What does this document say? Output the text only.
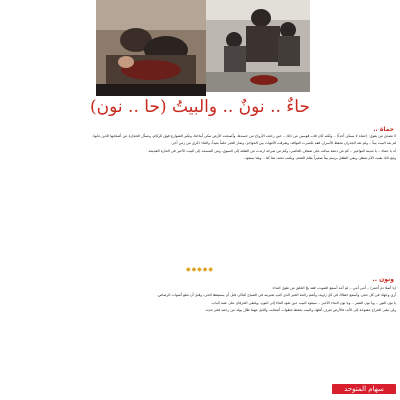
حاءٌ .. نونٌ .. والبيتُ (حا .. نون)
حماة ..

لا تصدق من يقول: (حماه لا يسكن أحداً) .. ولكنه كان قاب قوسين من ذلك .. حين رحلت الأرواح من جسدها، وأصبحت الأرض تبكي أبناءها، وتكبر الشوارع فوق الركام، وتسأل الحجارة عن أصحابها الذين غابوا.

لم يعد البيت بيتاً .. ولم تعد الجدران تحفظ الأسرار، فقد تكسرت النوافذ، وتفرقت الأمهات بين الحواجز، وصار الخبز حلماً بعيداً، والماء ذكرى من زمن آخر.

آه يا حماة .. يا مدينة النواعير .. كم من دمعة سالت على ضفاف العاصي، وكم من صرخة ارتدت من القلعة إلى السوق، ومن المسجد إلى البيت الأخير في الحارة القديمة.

ومع ذلك بقيت الأم تنتظر، وبقي الطفل يرسم بيتاً صغيراً بقلم الفحم، ويكتب تحته: هنا كنا .. وهنا سنعود.

◆◆◆◆◆
ونون ..

(يا أصلا دم أحمر) .. أمي أمي .. لم أعد أسمع الصوت، فقد بحّ الحلق من طول النداء.

أرى وجهك في كل حجر، وأسمع خطاك في كل زاوية، وأشم رائحة الخبز الذي كنتِ تخبزينه في الصباح الباكر، قبل أن يستيقظ الحي، وقبل أن تعلو أصوات الرصاص.

يا نون النور .. ويا نون النصر .. ويا نون النداء الأخير .. سيعود البيت حين تعود الحاء إلى النون، ويلتقي الحرفان على عتبة الباب.

ولن تبقى الجراح مفتوحة إلى الأبد، فالأرض تعرف أهلها، والبيت يحفظ خطوات أصحابه، والليل مهما طال يولد من رحمه فجر جديد.

سهام المتوحد
